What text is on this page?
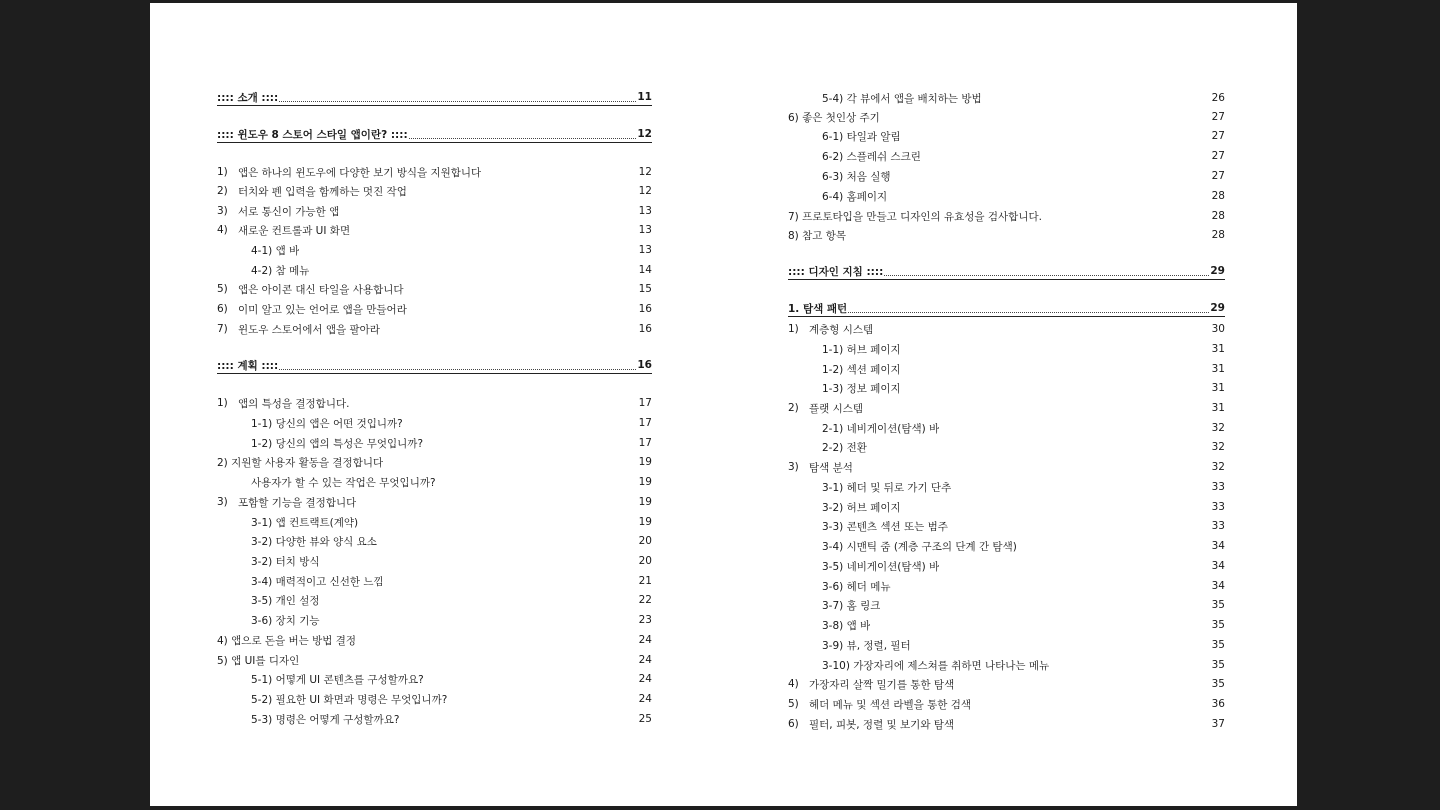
:::: 소개 ::::	11
:::: 윈도우 8 스토어 스타일 앱이란? ::::	12
1) 앱은 하나의 윈도우에 다양한 보기 방식을 지원합니다	12
2) 터치와 펜 입력을 함께하는 멋진 작업	12
3) 서로 통신이 가능한 앱	13
4) 새로운 컨트롤과 UI 화면	13
4-1) 앱 바	13
4-2) 참 메뉴	14
5) 앱은 아이콘 대신 타일을 사용합니다	15
6) 이미 알고 있는 언어로 앱을 만들어라	16
7) 윈도우 스토어에서 앱을 팔아라	16
:::: 계획 ::::	16
1) 앱의 특성을 결정합니다.	17
1-1) 당신의 앱은 어떤 것입니까?	17
1-2) 당신의 앱의 특성은 무엇입니까?	17
2) 지원할 사용자 활동을 결정합니다	19
사용자가 할 수 있는 작업은 무엇입니까?	19
3) 포함할 기능을 결정합니다	19
3-1) 앱 컨트랙트(계약)	19
3-2) 다양한 뷰와 양식 요소	20
3-2) 터치 방식	20
3-4) 매력적이고 신선한 느낌	21
3-5) 개인 설정	22
3-6) 장치 기능	23
4) 앱으로 돈을 버는 방법 결정	24
5) 앱 UI를 디자인	24
5-1) 어떻게 UI 콘텐츠를 구성할까요?	24
5-2) 필요한 UI 화면과 명령은 무엇입니까?	24
5-3) 명령은 어떻게 구성할까요?	25
5-4) 각 뷰에서 앱을 배치하는 방법	26
6) 좋은 첫인상 주기	27
6-1) 타일과 알림	27
6-2) 스플레쉬 스크린	27
6-3) 처음 실행	27
6-4) 홈페이지	28
7) 프로토타입을 만들고 디자인의 유효성을 검사합니다.	28
8) 참고 항목	28
:::: 디자인 지침 ::::	29
1. 탐색 패턴	29
1) 계층형 시스템	30
1-1) 허브 페이지	31
1-2) 섹션 페이지	31
1-3) 정보 페이지	31
2) 플랫 시스템	31
2-1) 네비게이션(탐색) 바	32
2-2) 전환	32
3) 탐색 분석	32
3-1) 헤더 및 뒤로 가기 단추	33
3-2) 허브 페이지	33
3-3) 콘텐츠 섹션 또는 범주	33
3-4) 시맨틱 줌 (계층 구조의 단계 간 탐색)	34
3-5) 네비게이션(탐색) 바	34
3-6) 헤더 메뉴	34
3-7) 홈 링크	35
3-8) 앱 바	35
3-9) 뷰, 정렬, 필터	35
3-10) 가장자리에 제스쳐를 취하면 나타나는 메뉴	35
4) 가장자리 살짝 밀기를 통한 탐색	35
5) 헤더 메뉴 및 섹션 라벨을 통한 검색	36
6) 필터, 피봇, 정렬 및 보기와 탐색	37
